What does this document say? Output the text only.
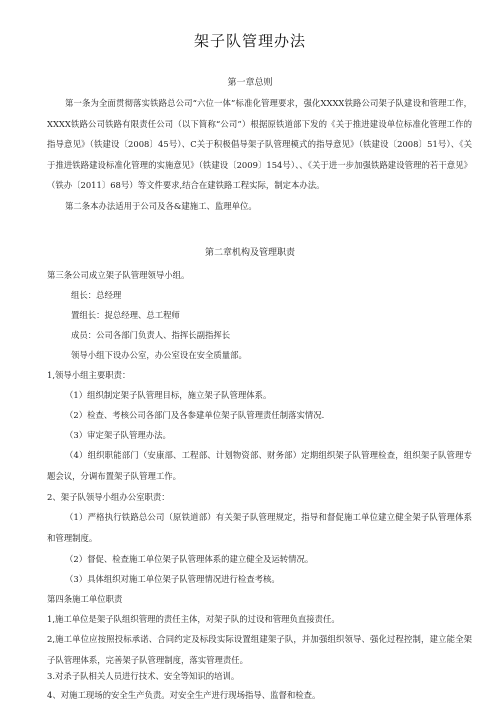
架子队管理办法
第一章总则

第一条为全面贯彻落实铁路总公司“六位一体”标准化管理要求，强化XXXX铁路公司架子队建设和管理工作，XXXX铁路公司铁路有限责任公司（以下简称“公司”）根据原铁道部下发的《关于推进建设单位标准化管理工作的指导意见》（铁建设〔2008〕45号）、C关于积极倡导架子队管理模式的指导意见》（铁建设〔2008〕51号）、《关于推进铁路建设标准化管理的实施意见》（铁建设〔2009〕154号）、、《关于进一步加强铁路建设管理的若干意见》（铁办〔2011〕68号）等文件要求,结合在建铁路工程实际，制定本办法。

第二条本办法适用于公司及各&建施工、监理单位。

第二章机构及管理职责

第三条公司成立架子队管理领导小组。

组长：总经理

置组长：捉总经理、总工程师

成员：公司各部门负责人、指挥长副指挥长

领导小组下设办公室，办公室设在安全质量部。

1,领导小组主要职责：

（1）组织制定架子队管理目标，施立架子队管理体系。

（2）检查、考核公司各部门及各参建单位架子队管理责任制落实情况.

（3）审定架子队管理办法。

（4）组织职能部门（安康部、工程部、计划物资部、财务部）定期组织架子队管理检查，组织架子队管理专题会议，分调布置架子队管理工作。

2、架子队领导小组办公室职责：

（1）严格执行铁路总公司（原铁道部）有关架子队管理规定，指导和督促施工单位建立健全架子队管理体系和管理制度。

（2）督促、检查施工单位架子队管理体系的建立健全及运转情况。

（3）具体组织对施工单位架子队管理情况进行检查考核。

第四条施工单位职责

1,施工单位是架子队组织管理的责任主体，对架子队的过设和管理负直接责任。

2,施工单位应按照投标承诺、合同约定及标段实际设置组建架子队，并加强组织领导、强化过程控制，建立能全架子队管理体系，完善架子队管理制度，落实管理责任。

3.对杀子队相关人员进行技术、安全等知识的培训。

4、对施工现场的安全生产负责。对安全生产进行现场指导、监督和检查。
